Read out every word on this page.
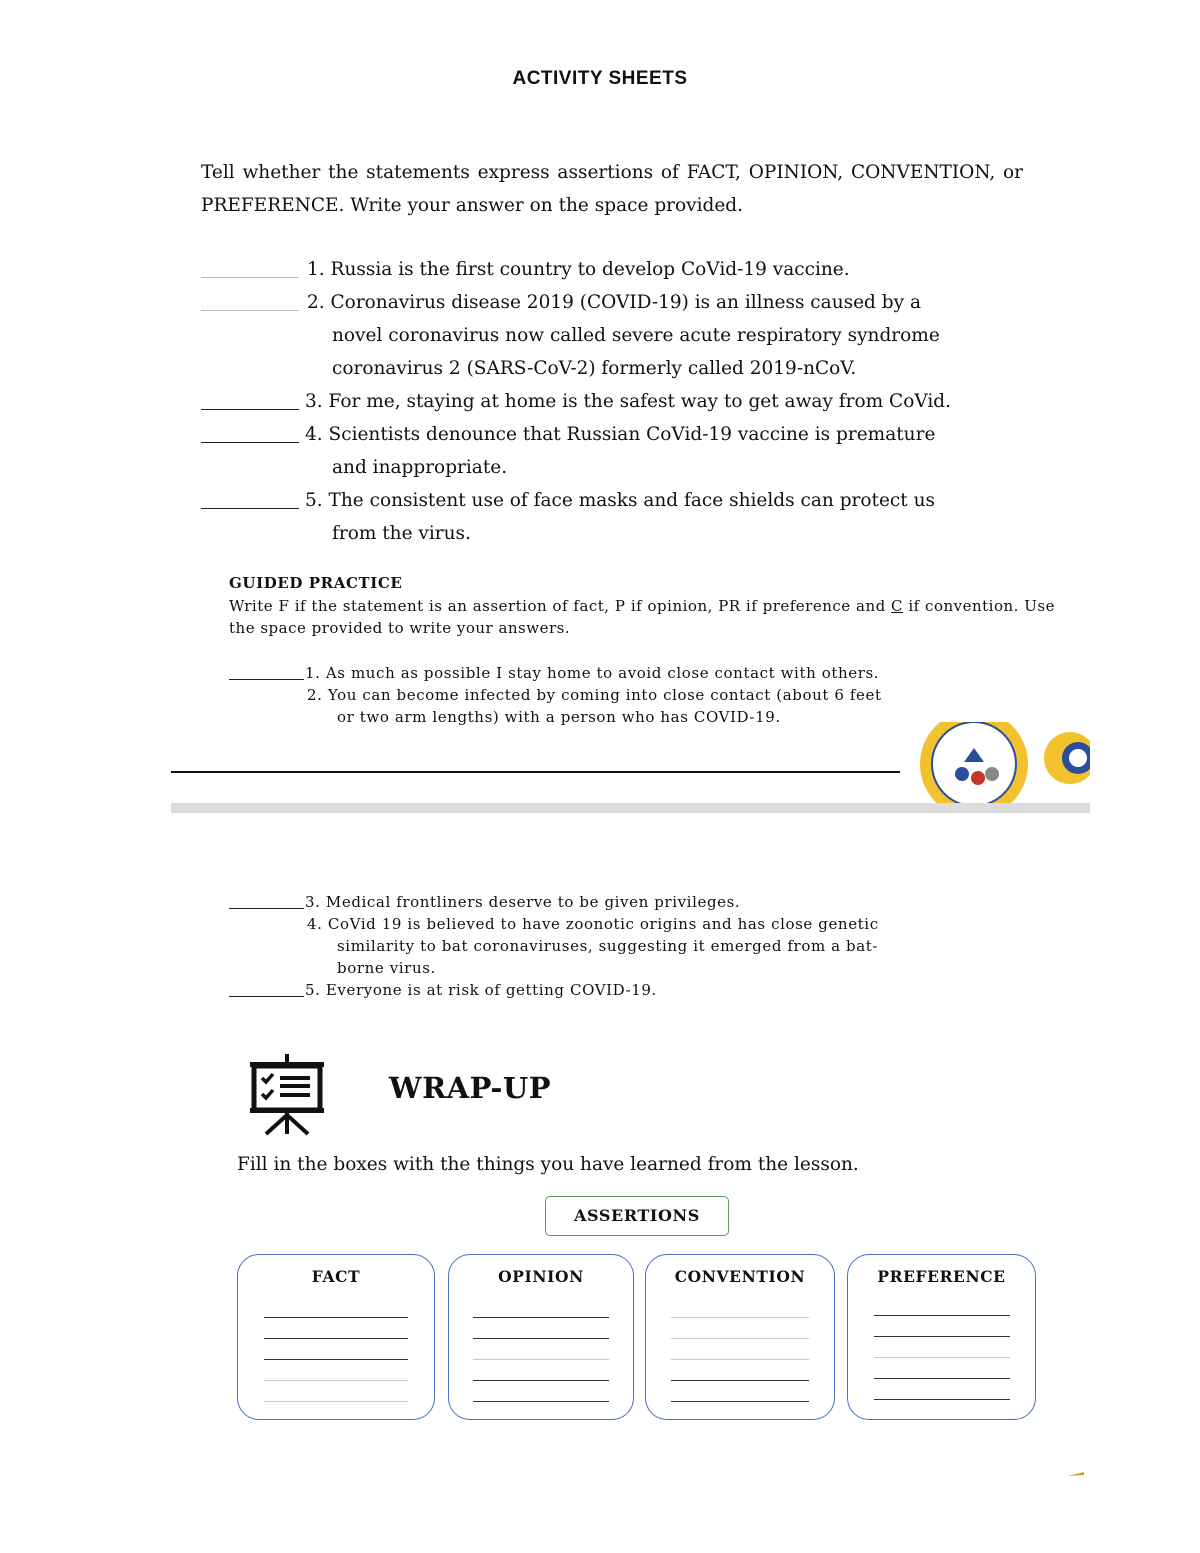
ACTIVITY SHEETS
Tell whether the statements express assertions of FACT, OPINION, CONVENTION, or PREFERENCE. Write your answer on the space provided.
1. Russia is the first country to develop CoVid-19 vaccine.
2. Coronavirus disease 2019 (COVID-19) is an illness caused by a
novel coronavirus now called severe acute respiratory syndrome
coronavirus 2 (SARS-CoV-2) formerly called 2019-nCoV.
3. For me, staying at home is the safest way to get away from CoVid.
4. Scientists denounce that Russian CoVid-19 vaccine is premature
and inappropriate.
5. The consistent use of face masks and face shields can protect us
from the virus.
GUIDED PRACTICE
Write F if the statement is an assertion of fact, P if opinion, PR if preference and C if convention. Use the space provided to write your answers.
1. As much as possible I stay home to avoid close contact with others.
2. You can become infected by coming into close contact (about 6 feet
or two arm lengths) with a person who has COVID-19.
3. Medical frontliners deserve to be given privileges.
4. CoVid 19 is believed to have zoonotic origins and has close genetic
similarity to bat coronaviruses, suggesting it emerged from a bat-
borne virus.
5. Everyone is at risk of getting COVID-19.
WRAP-UP
Fill in the boxes with the things you have learned from the lesson.
ASSERTIONS
FACT	OPINION	CONVENTION	PREFERENCE
